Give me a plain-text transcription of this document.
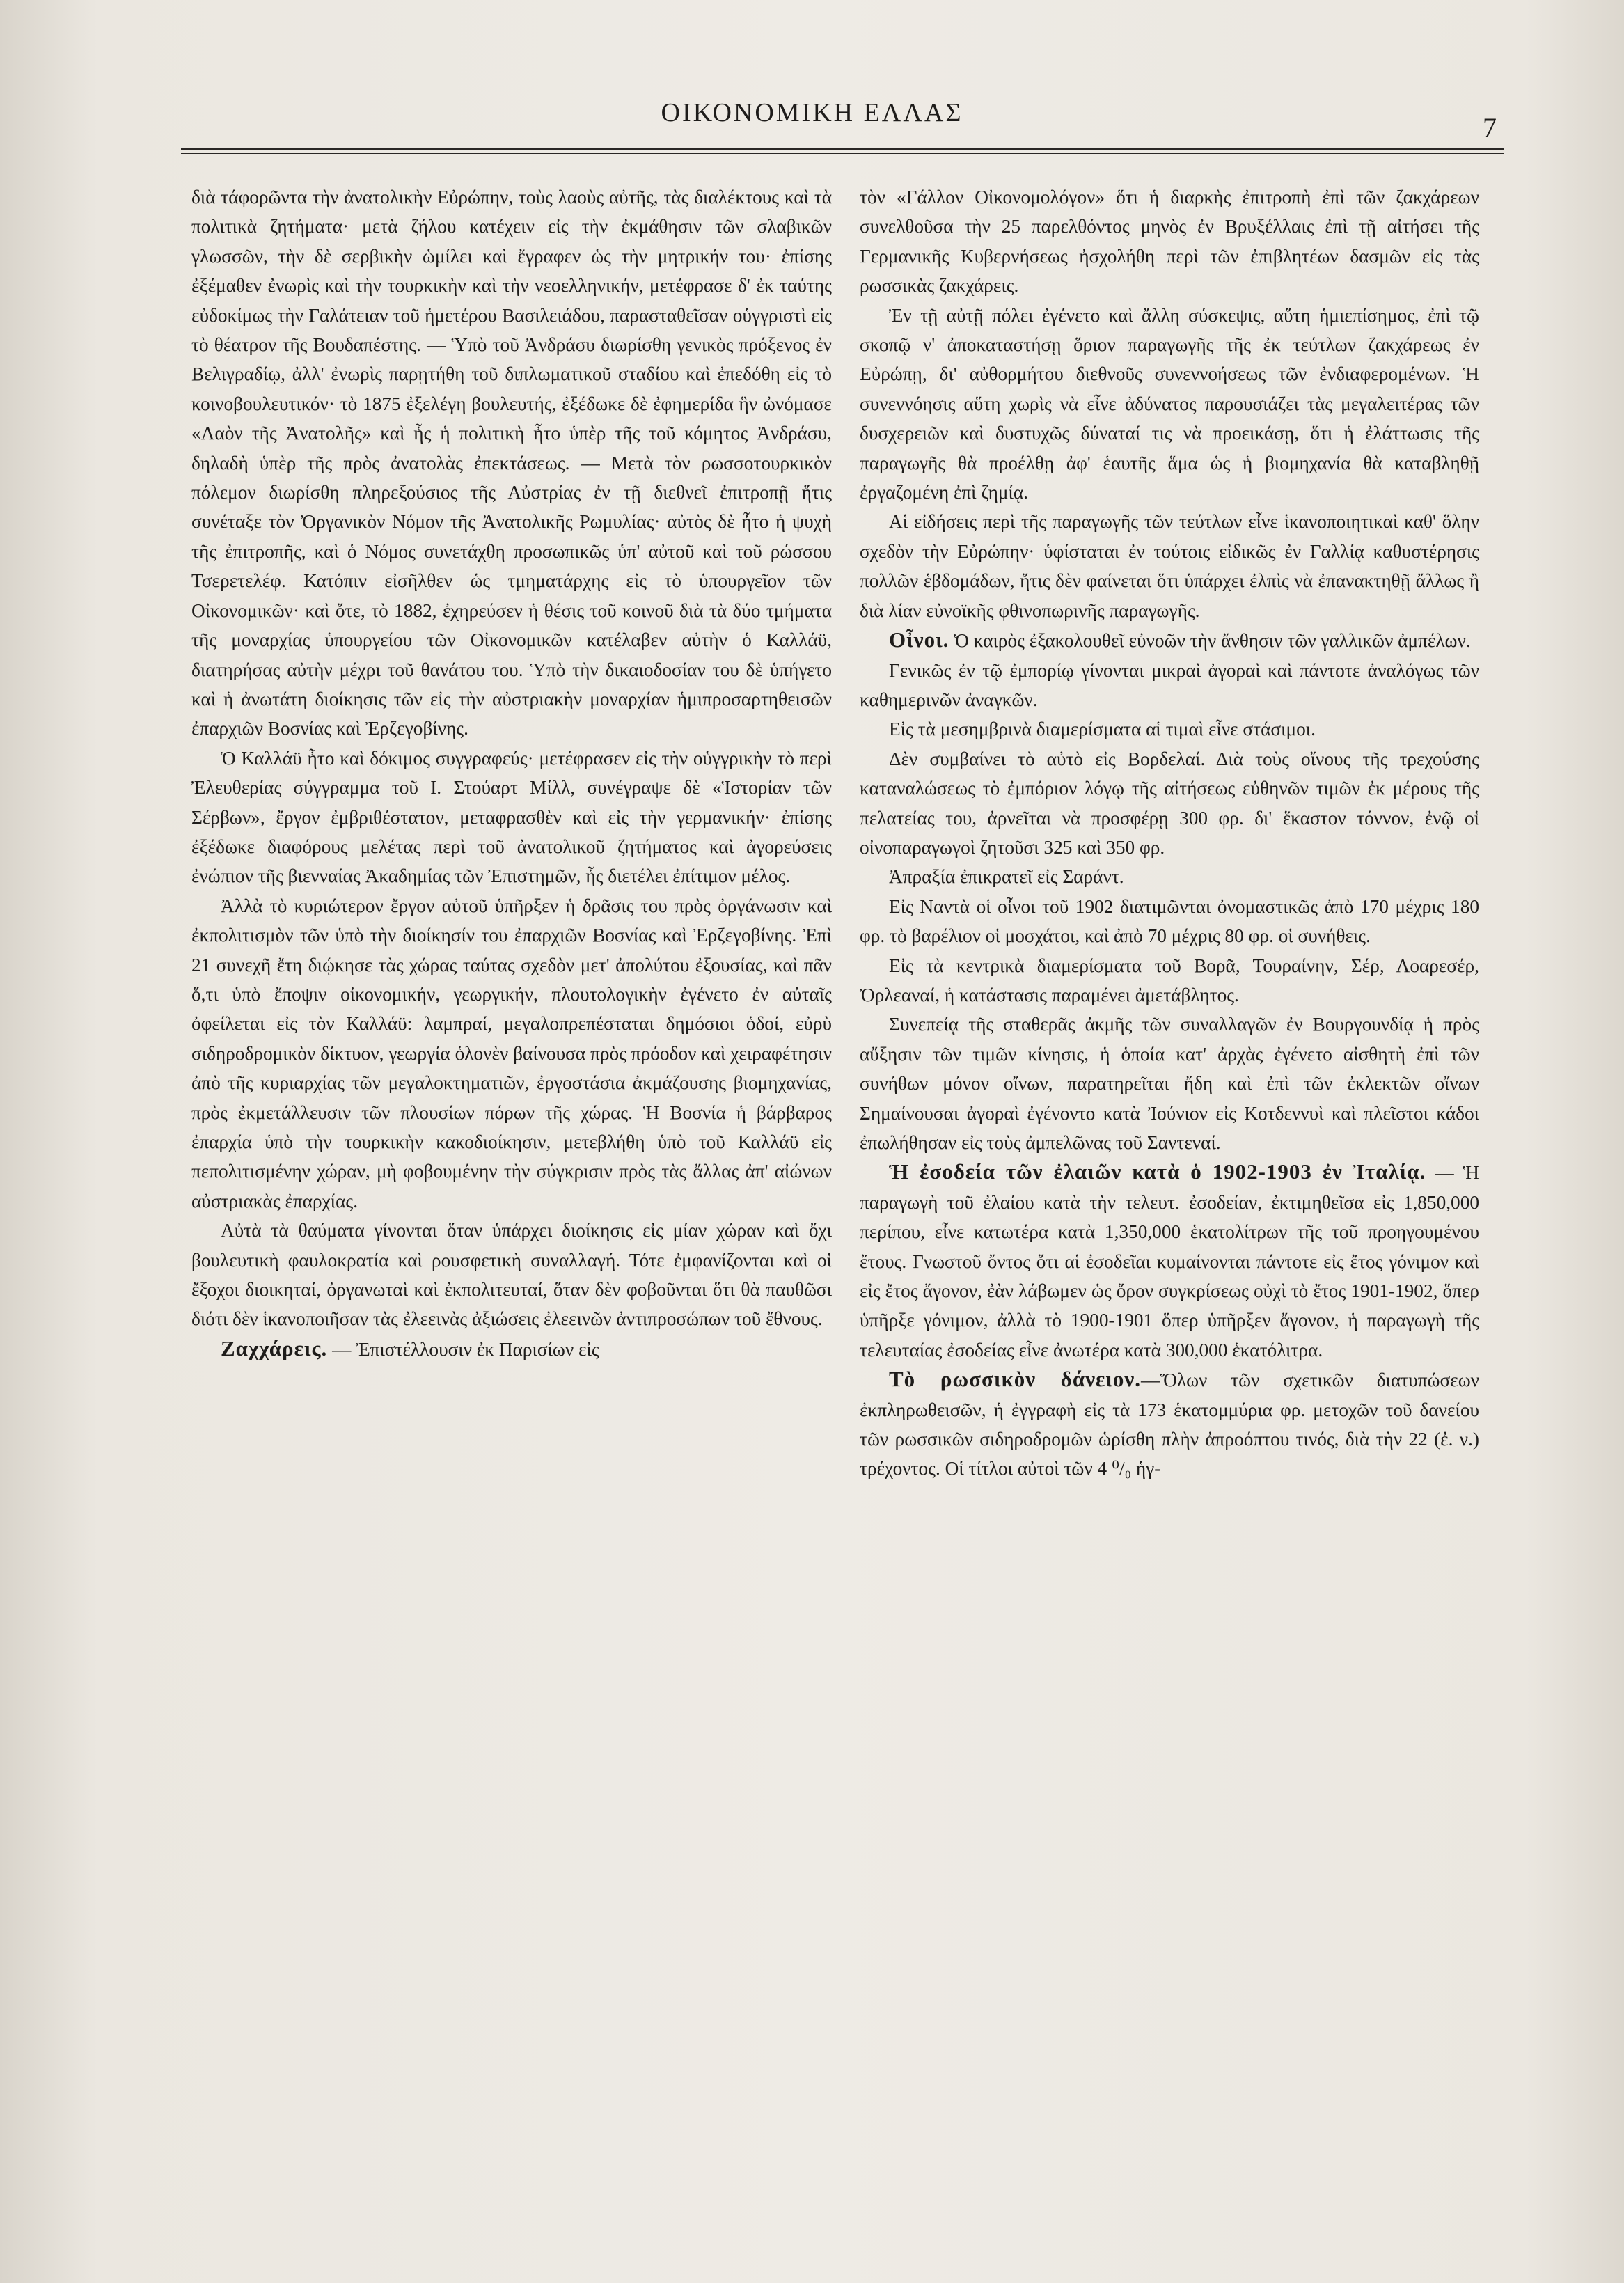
ΟΙΚΟΝΟΜΙΚΗ ΕΛΛΑΣ	7

διὰ τάφορῶντα τὴν ἀνατολικὴν Εὐρώπην, τοὺς λαοὺς αὐτῆς, τὰς διαλέκτους καὶ τὰ πολιτικὰ ζητήματα· μετὰ ζήλου κατέχειν εἰς τὴν ἐκμάθησιν τῶν σλαβικῶν γλωσσῶν, τὴν δὲ σερβικὴν ὡμίλει καὶ ἔγραφεν ὡς τὴν μητρικήν του· ἐπίσης ἐξέμαθεν ἐνωρὶς καὶ τὴν τουρκικὴν καὶ τὴν νεοελληνικήν, μετέφρασε δ' ἐκ ταύτης εὐδοκίμως τὴν Γαλάτειαν τοῦ ἡμετέρου Βασιλειάδου, παρασταθεῖσαν οὑγγριστὶ εἰς τὸ θέατρον τῆς Βουδαπέστης. — Ὑπὸ τοῦ Ἀνδράσυ διωρίσθη γενικὸς πρόξενος ἐν Βελιγραδίῳ, ἀλλ' ἐνωρὶς παρῃτήθη τοῦ διπλωματικοῦ σταδίου καὶ ἐπεδόθη εἰς τὸ κοινοβουλευτικόν· τὸ 1875 ἐξελέγη βουλευτής, ἐξέδωκε δὲ ἐφημερίδα ἣν ὠνόμασε «Λαὸν τῆς Ἀνατολῆς» καὶ ἧς ἡ πολιτικὴ ἦτο ὑπὲρ τῆς τοῦ κόμητος Ἀνδράσυ, δηλαδὴ ὑπὲρ τῆς πρὸς ἀνατολὰς ἐπεκτάσεως. — Μετὰ τὸν ρωσσοτουρκικὸν πόλεμον διωρίσθη πληρεξούσιος τῆς Αὐστρίας ἐν τῇ διεθνεῖ ἐπιτροπῇ ἥτις συνέταξε τὸν Ὀργανικὸν Νόμον τῆς Ἀνατολικῆς Ρωμυλίας· αὐτὸς δὲ ἦτο ἡ ψυχὴ τῆς ἐπιτροπῆς, καὶ ὁ Νόμος συνετάχθη προσωπικῶς ὑπ' αὐτοῦ καὶ τοῦ ρώσσου Τσερετελέφ. Κατόπιν εἰσῆλθεν ὡς τμηματάρχης εἰς τὸ ὑπουργεῖον τῶν Οἰκονομικῶν· καὶ ὅτε, τὸ 1882, ἐχηρεύσεν ἡ θέσις τοῦ κοινοῦ διὰ τὰ δύο τμήματα τῆς μοναρχίας ὑπουργείου τῶν Οἰκονομικῶν κατέλαβεν αὐτὴν ὁ Καλλάϋ, διατηρήσας αὐτὴν μέχρι τοῦ θανάτου του. Ὑπὸ τὴν δικαιοδοσίαν του δὲ ὑπήγετο καὶ ἡ ἀνωτάτη διοίκησις τῶν εἰς τὴν αὐστριακὴν μοναρχίαν ἡμιπροσαρτηθεισῶν ἐπαρχιῶν Βοσνίας καὶ Ἐρζεγοβίνης.

Ὁ Καλλάϋ ἦτο καὶ δόκιμος συγγραφεύς· μετέφρασεν εἰς τὴν οὑγγρικὴν τὸ περὶ Ἐλευθερίας σύγγραμμα τοῦ Ι. Στούαρτ Μίλλ, συνέγραψε δὲ «Ἱστορίαν τῶν Σέρβων», ἔργον ἐμβριθέστατον, μεταφρασθὲν καὶ εἰς τὴν γερμανικήν· ἐπίσης ἐξέδωκε διαφόρους μελέτας περὶ τοῦ ἀνατολικοῦ ζητήματος καὶ ἀγορεύσεις ἐνώπιον τῆς βιενναίας Ἀκαδημίας τῶν Ἐπιστημῶν, ἧς διετέλει ἐπίτιμον μέλος.

Ἀλλὰ τὸ κυριώτερον ἔργον αὐτοῦ ὑπῆρξεν ἡ δρᾶσις του πρὸς ὀργάνωσιν καὶ ἐκπολιτισμὸν τῶν ὑπὸ τὴν διοίκησίν του ἐπαρχιῶν Βοσνίας καὶ Ἐρζεγοβίνης. Ἐπὶ 21 συνεχῆ ἔτη διῴκησε τὰς χώρας ταύτας σχεδὸν μετ' ἀπολύτου ἐξουσίας, καὶ πᾶν ὅ,τι ὑπὸ ἔποψιν οἰκονομικήν, γεωργικήν, πλουτολογικὴν ἐγένετο ἐν αὐταῖς ὀφείλεται εἰς τὸν Καλλάϋ: λαμπραί, μεγαλοπρεπέσταται δημόσιοι ὁδοί, εὐρὺ σιδηροδρομικὸν δίκτυον, γεωργία ὁλονὲν βαίνουσα πρὸς πρόοδον καὶ χειραφέτησιν ἀπὸ τῆς κυριαρχίας τῶν μεγαλοκτηματιῶν, ἐργοστάσια ἀκμάζουσης βιομηχανίας, πρὸς ἐκμετάλλευσιν τῶν πλουσίων πόρων τῆς χώρας. Ἡ Βοσνία ἡ βάρβαρος ἐπαρχία ὑπὸ τὴν τουρκικὴν κακοδιοίκησιν, μετεβλήθη ὑπὸ τοῦ Καλλάϋ εἰς πεπολιτισμένην χώραν, μὴ φοβουμένην τὴν σύγκρισιν πρὸς τὰς ἄλλας ἀπ' αἰώνων αὐστριακὰς ἐπαρχίας.

Αὐτὰ τὰ θαύματα γίνονται ὅταν ὑπάρχει διοίκησις εἰς μίαν χώραν καὶ ὄχι βουλευτικὴ φαυλοκρατία καὶ ρουσφετικὴ συναλλαγή. Τότε ἐμφανίζονται καὶ οἱ ἔξοχοι διοικηταί, ὀργανωταὶ καὶ ἐκπολιτευταί, ὅταν δὲν φοβοῦνται ὅτι θὰ παυθῶσι διότι δὲν ἱκανοποιῆσαν τὰς ἐλεεινὰς ἀξιώσεις ἐλεεινῶν ἀντιπροσώπων τοῦ ἔθνους.

Ζαχχάρεις. — Ἐπιστέλλουσιν ἐκ Παρισίων εἰς

τὸν «Γάλλον Οἰκονομολόγον» ὅτι ἡ διαρκὴς ἐπιτροπὴ ἐπὶ τῶν ζακχάρεων συνελθοῦσα τὴν 25 παρελθόντος μηνὸς ἐν Βρυξέλλαις ἐπὶ τῇ αἰτήσει τῆς Γερμανικῆς Κυβερνήσεως ἠσχολήθη περὶ τῶν ἐπιβλητέων δασμῶν εἰς τὰς ρωσσικὰς ζακχάρεις.

Ἐν τῇ αὐτῇ πόλει ἐγένετο καὶ ἄλλη σύσκεψις, αὕτη ἡμιεπίσημος, ἐπὶ τῷ σκοπῷ ν' ἀποκαταστήσῃ ὅριον παραγωγῆς τῆς ἐκ τεύτλων ζακχάρεως ἐν Εὐρώπῃ, δι' αὐθορμήτου διεθνοῦς συνεννοήσεως τῶν ἐνδιαφερομένων. Ἡ συνεννόησις αὕτη χωρὶς νὰ εἶνε ἀδύνατος παρουσιάζει τὰς μεγαλειτέρας τῶν δυσχερειῶν καὶ δυστυχῶς δύναταί τις νὰ προεικάσῃ, ὅτι ἡ ἐλάττωσις τῆς παραγωγῆς θὰ προέλθῃ ἀφ' ἑαυτῆς ἅμα ὡς ἡ βιομηχανία θὰ καταβληθῇ ἐργαζομένη ἐπὶ ζημίᾳ.

Αἱ εἰδήσεις περὶ τῆς παραγωγῆς τῶν τεύτλων εἶνε ἱκανοποιητικαὶ καθ' ὅλην σχεδὸν τὴν Εὐρώπην· ὑφίσταται ἐν τούτοις εἰδικῶς ἐν Γαλλίᾳ καθυστέρησις πολλῶν ἑβδομάδων, ἥτις δὲν φαίνεται ὅτι ὑπάρχει ἐλπὶς νὰ ἐπανακτηθῇ ἄλλως ἢ διὰ λίαν εὐνοϊκῆς φθινοπωρινῆς παραγωγῆς.

Οἶνοι. Ὁ καιρὸς ἐξακολουθεῖ εὐνοῶν τὴν ἄνθησιν τῶν γαλλικῶν ἀμπέλων.

Γενικῶς ἐν τῷ ἐμπορίῳ γίνονται μικραὶ ἀγοραὶ καὶ πάντοτε ἀναλόγως τῶν καθημερινῶν ἀναγκῶν.

Εἰς τὰ μεσημβρινὰ διαμερίσματα αἱ τιμαὶ εἶνε στάσιμοι.

Δὲν συμβαίνει τὸ αὐτὸ εἰς Βορδελαί. Διὰ τοὺς οἴνους τῆς τρεχούσης καταναλώσεως τὸ ἐμπόριον λόγῳ τῆς αἰτήσεως εὐθηνῶν τιμῶν ἐκ μέρους τῆς πελατείας του, ἀρνεῖται νὰ προσφέρῃ 300 φρ. δι' ἕκαστον τόννον, ἐνῷ οἱ οἰνοπαραγωγοὶ ζητοῦσι 325 καὶ 350 φρ.

Ἀπραξία ἐπικρατεῖ εἰς Σαράντ.

Εἰς Ναντὰ οἱ οἶνοι τοῦ 1902 διατιμῶνται ὀνομαστικῶς ἀπὸ 170 μέχρις 180 φρ. τὸ βαρέλιον οἱ μοσχάτοι, καὶ ἀπὸ 70 μέχρις 80 φρ. οἱ συνήθεις.

Εἰς τὰ κεντρικὰ διαμερίσματα τοῦ Βορᾶ, Τουραίνην, Σέρ, Λοαρεσέρ, Ὀρλεαναί, ἡ κατάστασις παραμένει ἀμετάβλητος.

Συνεπείᾳ τῆς σταθερᾶς ἀκμῆς τῶν συναλλαγῶν ἐν Βουργουνδίᾳ ἡ πρὸς αὔξησιν τῶν τιμῶν κίνησις, ἡ ὁποία κατ' ἀρχὰς ἐγένετο αἰσθητὴ ἐπὶ τῶν συνήθων μόνον οἴνων, παρατηρεῖται ἤδη καὶ ἐπὶ τῶν ἐκλεκτῶν οἴνων Σημαίνουσαι ἀγοραὶ ἐγένοντο κατὰ Ἰούνιον εἰς Κοτδεννυὶ καὶ πλεῖστοι κάδοι ἐπωλήθησαν εἰς τοὺς ἀμπελῶνας τοῦ Σαντεναί.

Ἡ ἐσοδεία τῶν ἐλαιῶν κατὰ ὁ 1902-1903 ἐν Ἰταλίᾳ. — Ἡ παραγωγὴ τοῦ ἐλαίου κατὰ τὴν τελευτ. ἐσοδείαν, ἐκτιμηθεῖσα εἰς 1,850,000 περίπου, εἶνε κατωτέρα κατὰ 1,350,000 ἑκατολίτρων τῆς τοῦ προηγουμένου ἔτους. Γνωστοῦ ὄντος ὅτι αἱ ἐσοδεῖαι κυμαίνονται πάντοτε εἰς ἔτος γόνιμον καὶ εἰς ἔτος ἄγονον, ἐὰν λάβωμεν ὡς ὅρον συγκρίσεως οὐχὶ τὸ ἔτος 1901-1902, ὅπερ ὑπῆρξε γόνιμον, ἀλλὰ τὸ 1900-1901 ὅπερ ὑπῆρξεν ἄγονον, ἡ παραγωγὴ τῆς τελευταίας ἐσοδείας εἶνε ἀνωτέρα κατὰ 300,000 ἑκατόλιτρα.

Τὸ ρωσσικὸν δάνειον.—Ὅλων τῶν σχετικῶν διατυπώσεων ἐκπληρωθεισῶν, ἡ ἐγγραφὴ εἰς τὰ 173 ἑκατομμύρια φρ. μετοχῶν τοῦ δανείου τῶν ρωσσικῶν σιδηροδρομῶν ὡρίσθη πλὴν ἀπροόπτου τινός, διὰ τὴν 22 (ἐ. ν.) τρέχοντος. Οἱ τίτλοι αὐτοὶ τῶν 4 ⁰/₀ ἡγ-
